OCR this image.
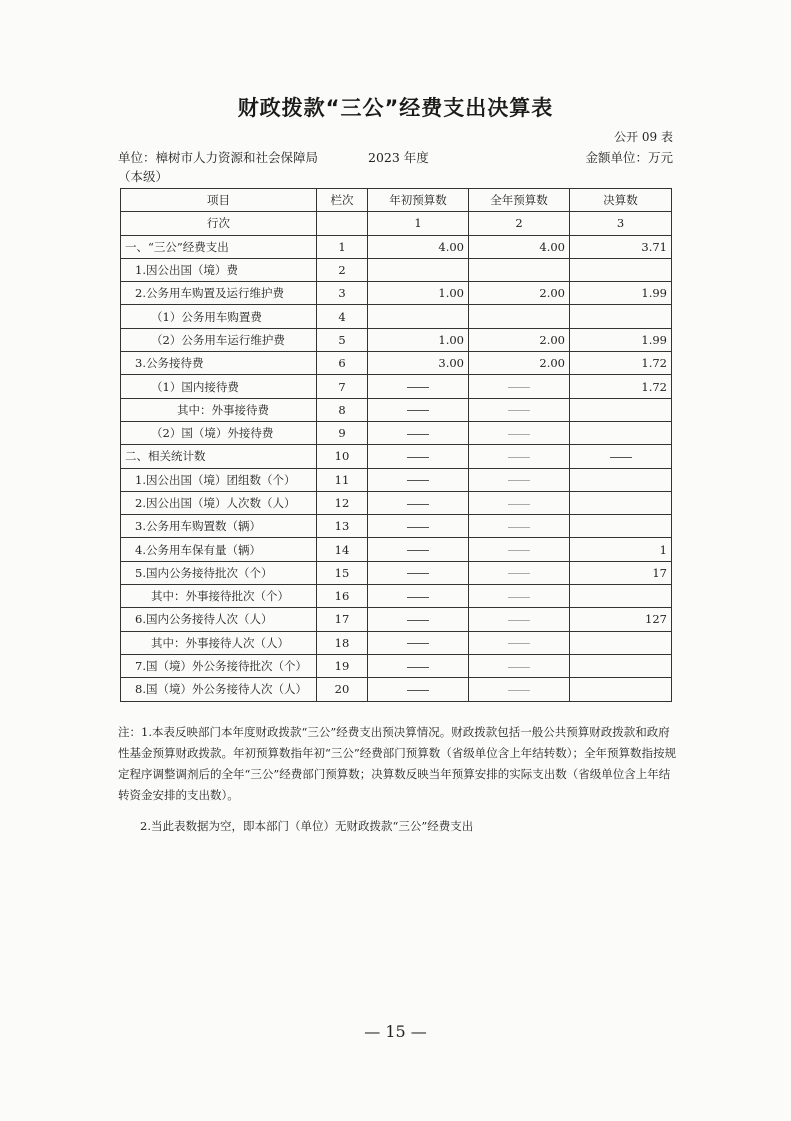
财政拨款“三公”经费支出决算表
公开 09 表
单位：樟树市人力资源和社会保障局（本级）
2023 年度	金额单位：万元
项目	栏次	年初预算数	全年预算数	决算数
行次		1	2	3
一、“三公”经费支出	1	4.00	4.00	3.71
1.因公出国（境）费	2			
2.公务用车购置及运行维护费	3	1.00	2.00	1.99
（1）公务用车购置费	4			
（2）公务用车运行维护费	5	1.00	2.00	1.99
3.公务接待费	6	3.00	2.00	1.72
（1）国内接待费	7			1.72
其中：外事接待费	8			
（2）国（境）外接待费	9			
二、相关统计数	10			
1.因公出国（境）团组数（个）	11			
2.因公出国（境）人次数（人）	12			
3.公务用车购置数（辆）	13			
4.公务用车保有量（辆）	14			1
5.国内公务接待批次（个）	15			17
其中：外事接待批次（个）	16			
6.国内公务接待人次（人）	17			127
其中：外事接待人次（人）	18			
7.国（境）外公务接待批次（个）	19			
8.国（境）外公务接待人次（人）	20			

注：1.本表反映部门本年度财政拨款“三公”经费支出预决算情况。财政拨款包括一般公共预算财政拨款和政府性基金预算财政拨款。年初预算数指年初“三公”经费部门预算数（省级单位含上年结转数）；全年预算数指按规定程序调整调剂后的全年“三公”经费部门预算数；决算数反映当年预算安排的实际支出数（省级单位含上年结转资金安排的支出数）。

2.当此表数据为空，即本部门（单位）无财政拨款“三公”经费支出

— 15 —
